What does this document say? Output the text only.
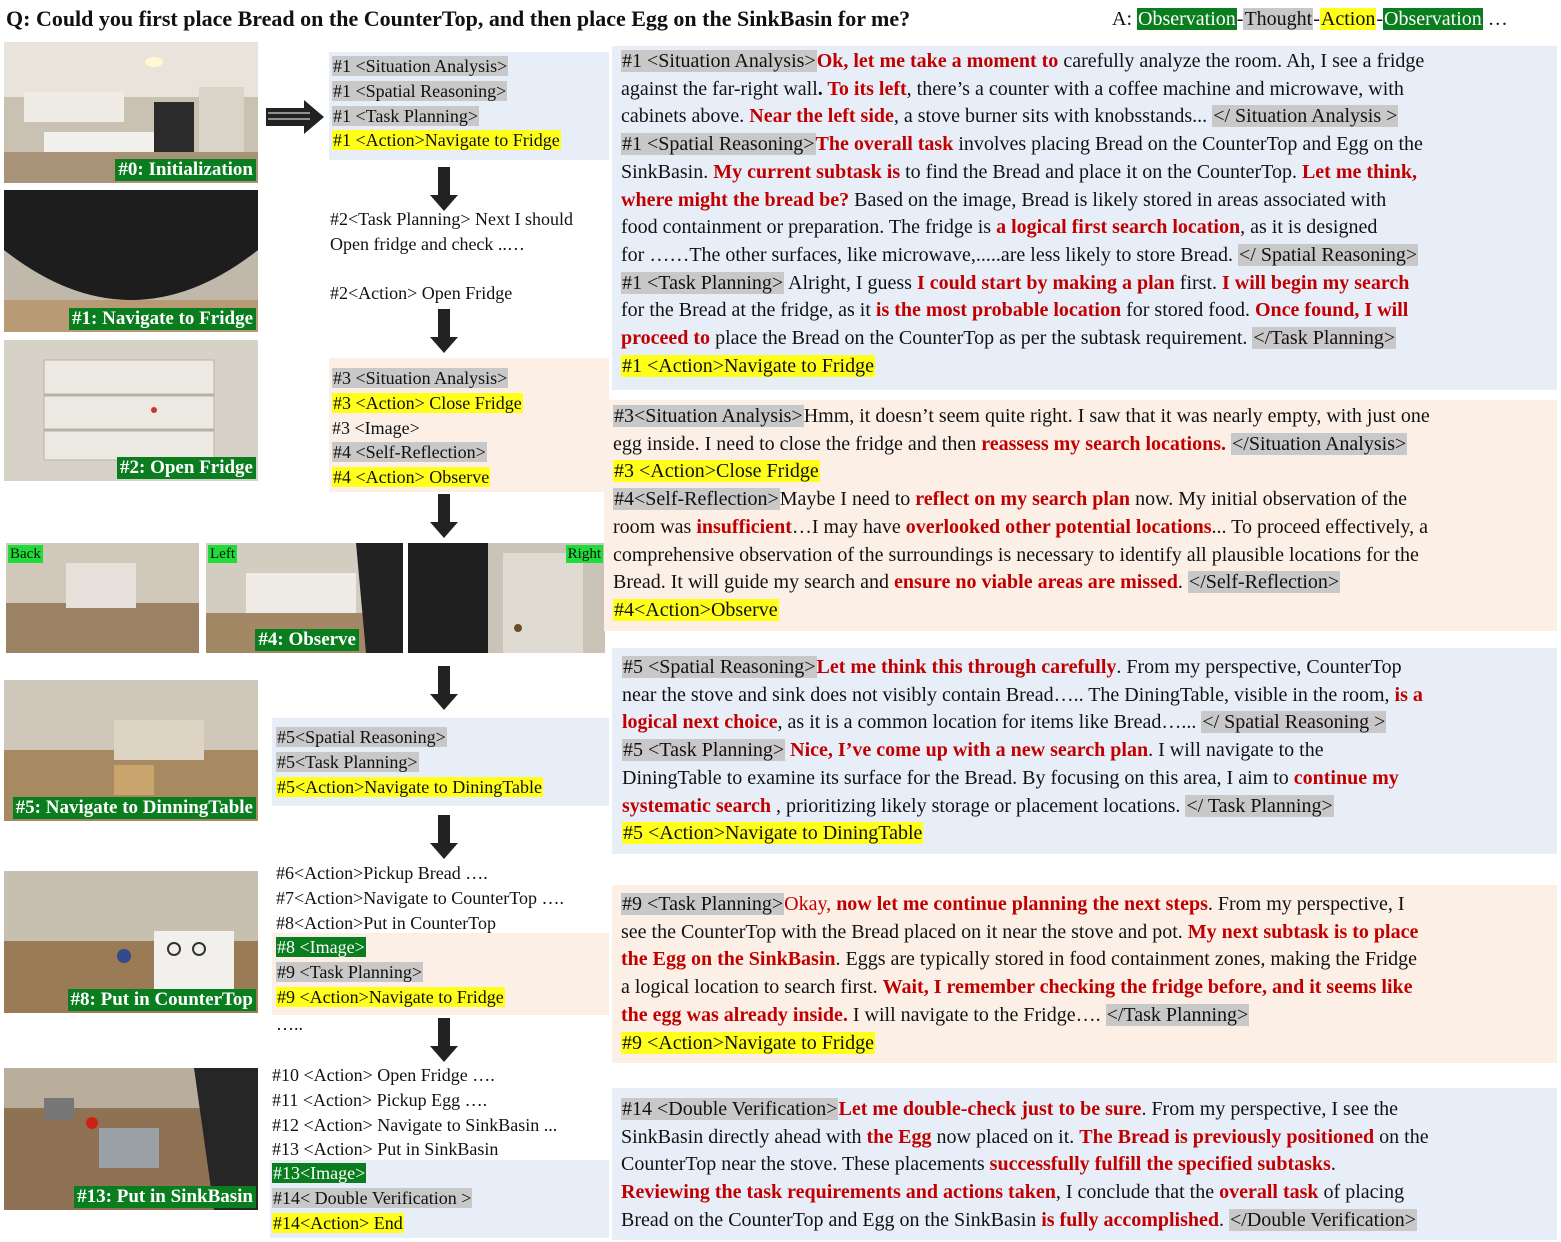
Q: Could you first place Bread on the CounterTop, and then place Egg on the SinkBasin for me?	A: Observation-Thought-Action-Observation …
#0: Initialization
#1: Navigate to Fridge
#2: Open Fridge
Back	Left
#4: Observe
Right
#5: Navigate to DinningTable
#8: Put in CounterTop
#13: Put in SinkBasin
#1 <Situation Analysis>
#1 <Spatial Reasoning>
#1 <Task Planning>
#1 <Action>Navigate to Fridge
#2<Task Planning> Next I should
Open fridge and check ..…

#2<Action> Open Fridge
#3 <Situation Analysis>
#3 <Action> Close Fridge
#3 <Image>
#4 <Self-Reflection>
#4 <Action> Observe
#5<Spatial Reasoning>
#5<Task Planning>
#5<Action>Navigate to DiningTable
#6<Action>Pickup Bread ….
#7<Action>Navigate to CounterTop ….
#8<Action>Put in CounterTop
#8 <Image>
#9 <Task Planning>
#9 <Action>Navigate to Fridge
…..
#10 <Action> Open Fridge ….
#11 <Action> Pickup Egg ….
#12 <Action> Navigate to SinkBasin ...
#13 <Action> Put in SinkBasin
#13<Image>
#14< Double Verification >
#14<Action> End
#1 <Situation Analysis>Ok, let me take a moment to carefully analyze the room. Ah, I see a fridge
against the far-right wall. To its left, there’s a counter with a coffee machine and microwave, with
cabinets above. Near the left side, a stove burner sits with knobsstands... </ Situation Analysis >
#1 <Spatial Reasoning>The overall task involves placing Bread on the CounterTop and Egg on the
SinkBasin. My current subtask is to find the Bread and place it on the CounterTop. Let me think,
where might the bread be? Based on the image, Bread is likely stored in areas associated with
food containment or preparation. The fridge is a logical first search location, as it is designed
for ……The other surfaces, like microwave,.....are less likely to store Bread. </ Spatial Reasoning>
#1 <Task Planning> Alright, I guess I could start by making a plan first. I will begin my search
for the Bread at the fridge, as it is the most probable location for stored food. Once found, I will
proceed to place the Bread on the CounterTop as per the subtask requirement. </Task Planning>
#1 <Action>Navigate to Fridge
#3<Situation Analysis>Hmm, it doesn’t seem quite right. I saw that it was nearly empty, with just one
egg inside. I need to close the fridge and then reassess my search locations. </Situation Analysis>
#3 <Action>Close Fridge
#4<Self-Reflection>Maybe I need to reflect on my search plan now. My initial observation of the
room was insufficient…I may have overlooked other potential locations... To proceed effectively, a
comprehensive observation of the surroundings is necessary to identify all plausible locations for the
Bread. It will guide my search and ensure no viable areas are missed. </Self-Reflection>
#4<Action>Observe
#5 <Spatial Reasoning>Let me think this through carefully. From my perspective, CounterTop
near the stove and sink does not visibly contain Bread….. The DiningTable, visible in the room, is a
logical next choice, as it is a common location for items like Bread…... </ Spatial Reasoning >
#5 <Task Planning> Nice, I’ve come up with a new search plan. I will navigate to the
DiningTable to examine its surface for the Bread. By focusing on this area, I aim to continue my
systematic search , prioritizing likely storage or placement locations. </ Task Planning>
#5 <Action>Navigate to DiningTable
#9 <Task Planning>Okay, now let me continue planning the next steps. From my perspective, I
see the CounterTop with the Bread placed on it near the stove and pot. My next subtask is to place
the Egg on the SinkBasin. Eggs are typically stored in food containment zones, making the Fridge
a logical location to search first. Wait, I remember checking the fridge before, and it seems like
the egg was already inside. I will navigate to the Fridge…. </Task Planning>
#9 <Action>Navigate to Fridge
#14 <Double Verification>Let me double-check just to be sure. From my perspective, I see the
SinkBasin directly ahead with the Egg now placed on it. The Bread is previously positioned on the
CounterTop near the stove. These placements successfully fulfill the specified subtasks.
Reviewing the task requirements and actions taken, I conclude that the overall task of placing
Bread on the CounterTop and Egg on the SinkBasin is fully accomplished. </Double Verification>
